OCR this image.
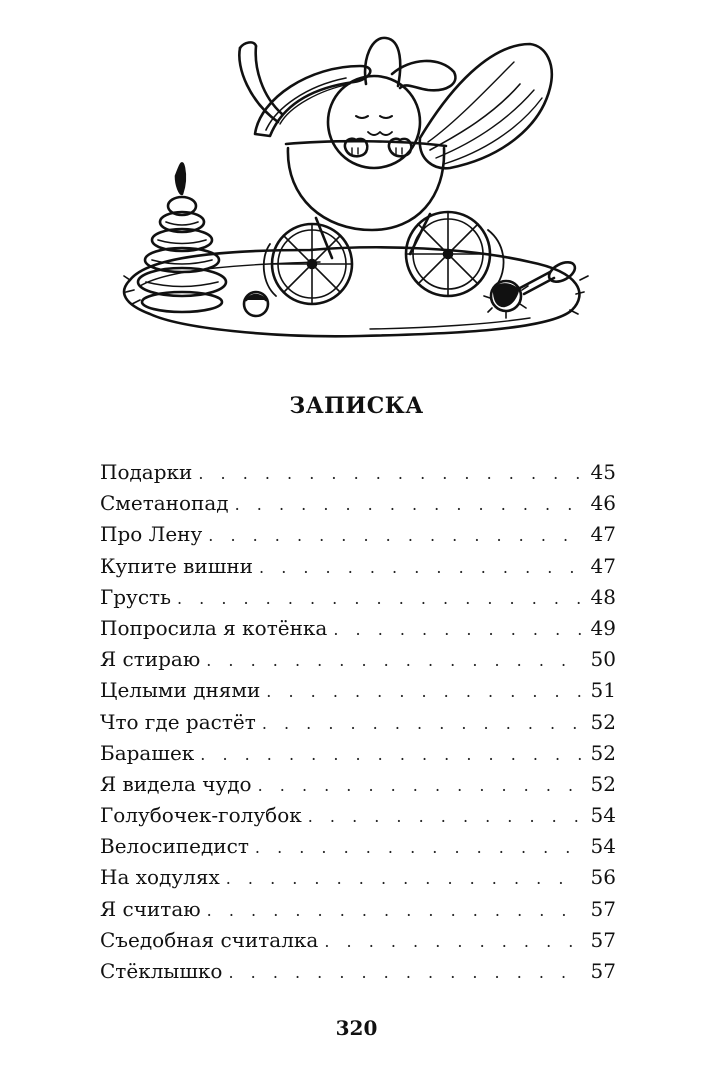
ЗАПИСКА
Подарки . . .	45
Сметанопад . . .	46
Про Лену . . .	47
Купите вишни . . .	47
Грусть . . .	48
Попросила я котёнка . . .	49
Я стираю . . .	50
Целыми днями . . .	51
Что где растёт . . .	52
Барашек . . .	52
Я видела чудо . . .	52
Голубочек-голубок . . .	54
Велосипедист . . .	54
На ходулях . . .	56
Я считаю . . .	57
Съедобная считалка . . .	57
Стёклышко . . .	57
320
